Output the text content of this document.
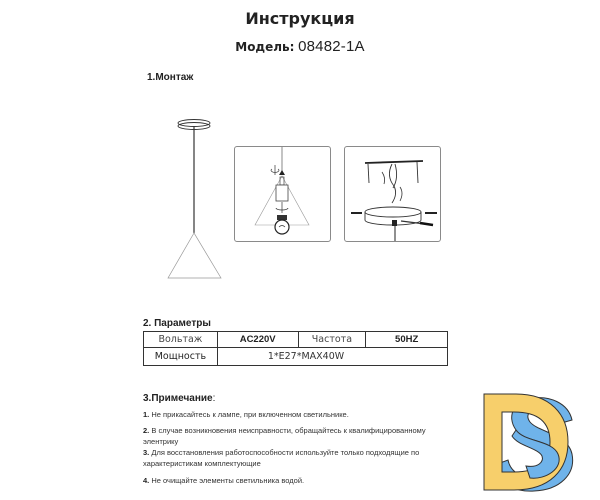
Инструкция
Модель: 08482-1A
1.Монтаж
2. Параметры
Вольтаж	AC220V	Частота	50HZ
Мощность	1*E27*MAX40W		
3.Примечание:
1. Не прикасайтесь к лампе, при включенном светильнике.
2. В случае возникновения неисправности, обращайтесь к квалифицированному
элентрику
3. Для восстановления работоспособности используйте только подходящие по
характеристикам комплектующие
4. Не очищайте элементы светильника водой.
